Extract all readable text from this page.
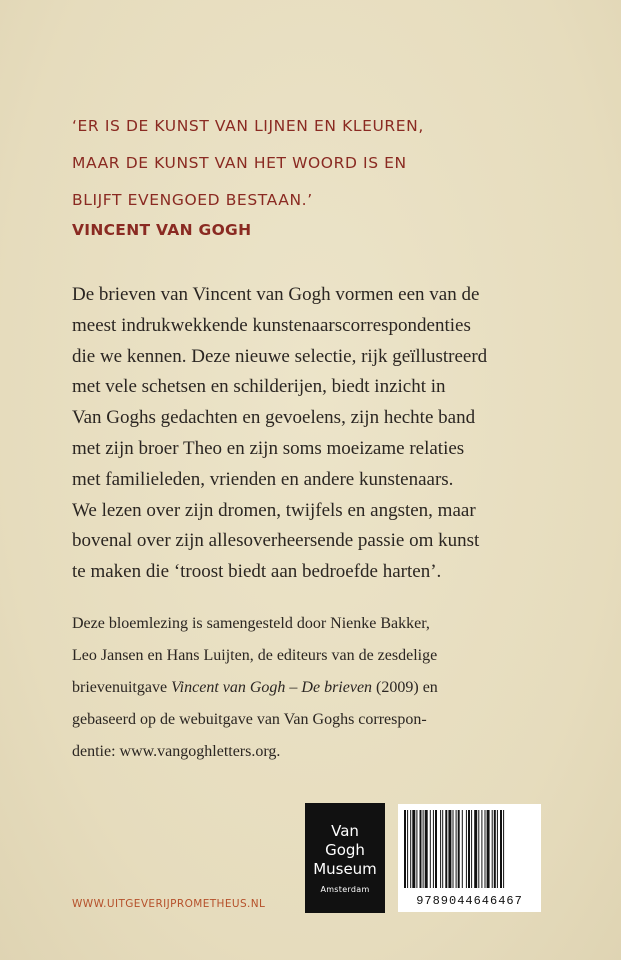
‘ER IS DE KUNST VAN LIJNEN EN KLEUREN,
MAAR DE KUNST VAN HET WOORD IS EN
BLIJFT EVENGOED BESTAAN.’
VINCENT VAN GOGH
De brieven van Vincent van Gogh vormen een van de
meest indrukwekkende kunstenaarscorrespondenties
die we kennen. Deze nieuwe selectie, rijk geïllustreerd
met vele schetsen en schilderijen, biedt inzicht in
Van Goghs gedachten en gevoelens, zijn hechte band
met zijn broer Theo en zijn soms moeizame relaties
met familieleden, vrienden en andere kunstenaars.
We lezen over zijn dromen, twijfels en angsten, maar
bovenal over zijn allesoverheersende passie om kunst
te maken die ‘troost biedt aan bedroefde harten’.
Deze bloemlezing is samengesteld door Nienke Bakker,
Leo Jansen en Hans Luijten, de editeurs van de zesdelige
brievenuitgave Vincent van Gogh – De brieven (2009) en
gebaseerd op de webuitgave van Van Goghs correspon-
dentie: www.vangoghletters.org.
WWW.UITGEVERIJPROMETHEUS.NL
Van
Gogh
Museum
Amsterdam
9789044646467
